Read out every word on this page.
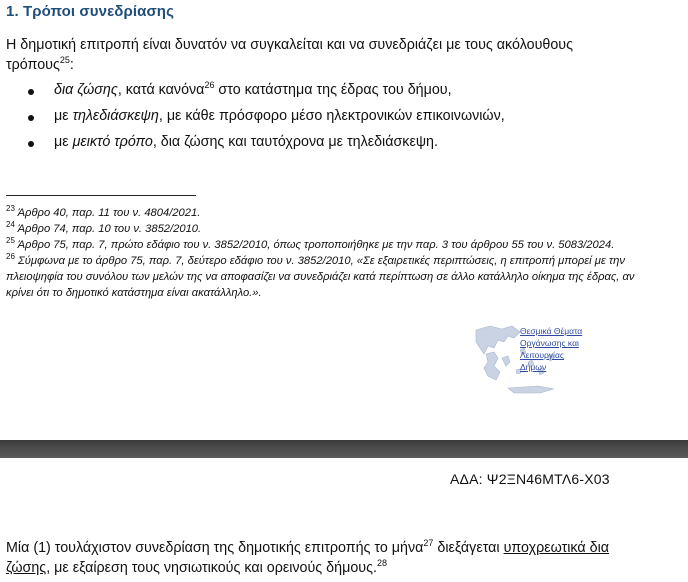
1. Τρόποι συνεδρίασης
Η δημοτική επιτροπή είναι δυνατόν να συγκαλείται και να συνεδριάζει με τους ακόλουθους τρόπους$^{25}$:
δια ζώσης, κατά κανόνα$^{26}$ στο κατάστημα της έδρας του δήμου,
με τηλεδιάσκεψη, με κάθε πρόσφορο μέσο ηλεκτρονικών επικοινωνιών,
με μεικτό τρόπο, δια ζώσης και ταυτόχρονα με τηλεδιάσκεψη.

$^{23}$ Άρθρο 40, παρ. 11 του ν. 4804/2021.

$^{24}$ Άρθρο 74, παρ. 10 του ν. 3852/2010.

$^{25}$ Άρθρο 75, παρ. 7, πρώτο εδάφιο του ν. 3852/2010, όπως τροποποιήθηκε με την παρ. 3 του άρθρου 55 του ν. 5083/2024.

$^{26}$ Σύμφωνα με το άρθρο 75, παρ. 7, δεύτερο εδάφιο του ν. 3852/2010, «Σε εξαιρετικές περιπτώσεις, η επιτροπή μπορεί με την πλειοψηφία του συνόλου των μελών της να αποφασίζει να συνεδριάζει κατά περίπτωση σε άλλο κατάλληλο οίκημα της έδρας, αν κρίνει ότι το δημοτικό κατάστημα είναι ακατάλληλο.».

Θεσμικά Θέματα
Οργάνωσης και
Λειτουργίας
Δήμων
ΑΔΑ: Ψ2ΞΝ46ΜΤΛ6-Χ03
Μία (1) τουλάχιστον συνεδρίαση της δημοτικής επιτροπής το μήνα$^{27}$ διεξάγεται υποχρεωτικά δια ζώσης, με εξαίρεση τους νησιωτικούς και ορεινούς δήμους.$^{28}$
